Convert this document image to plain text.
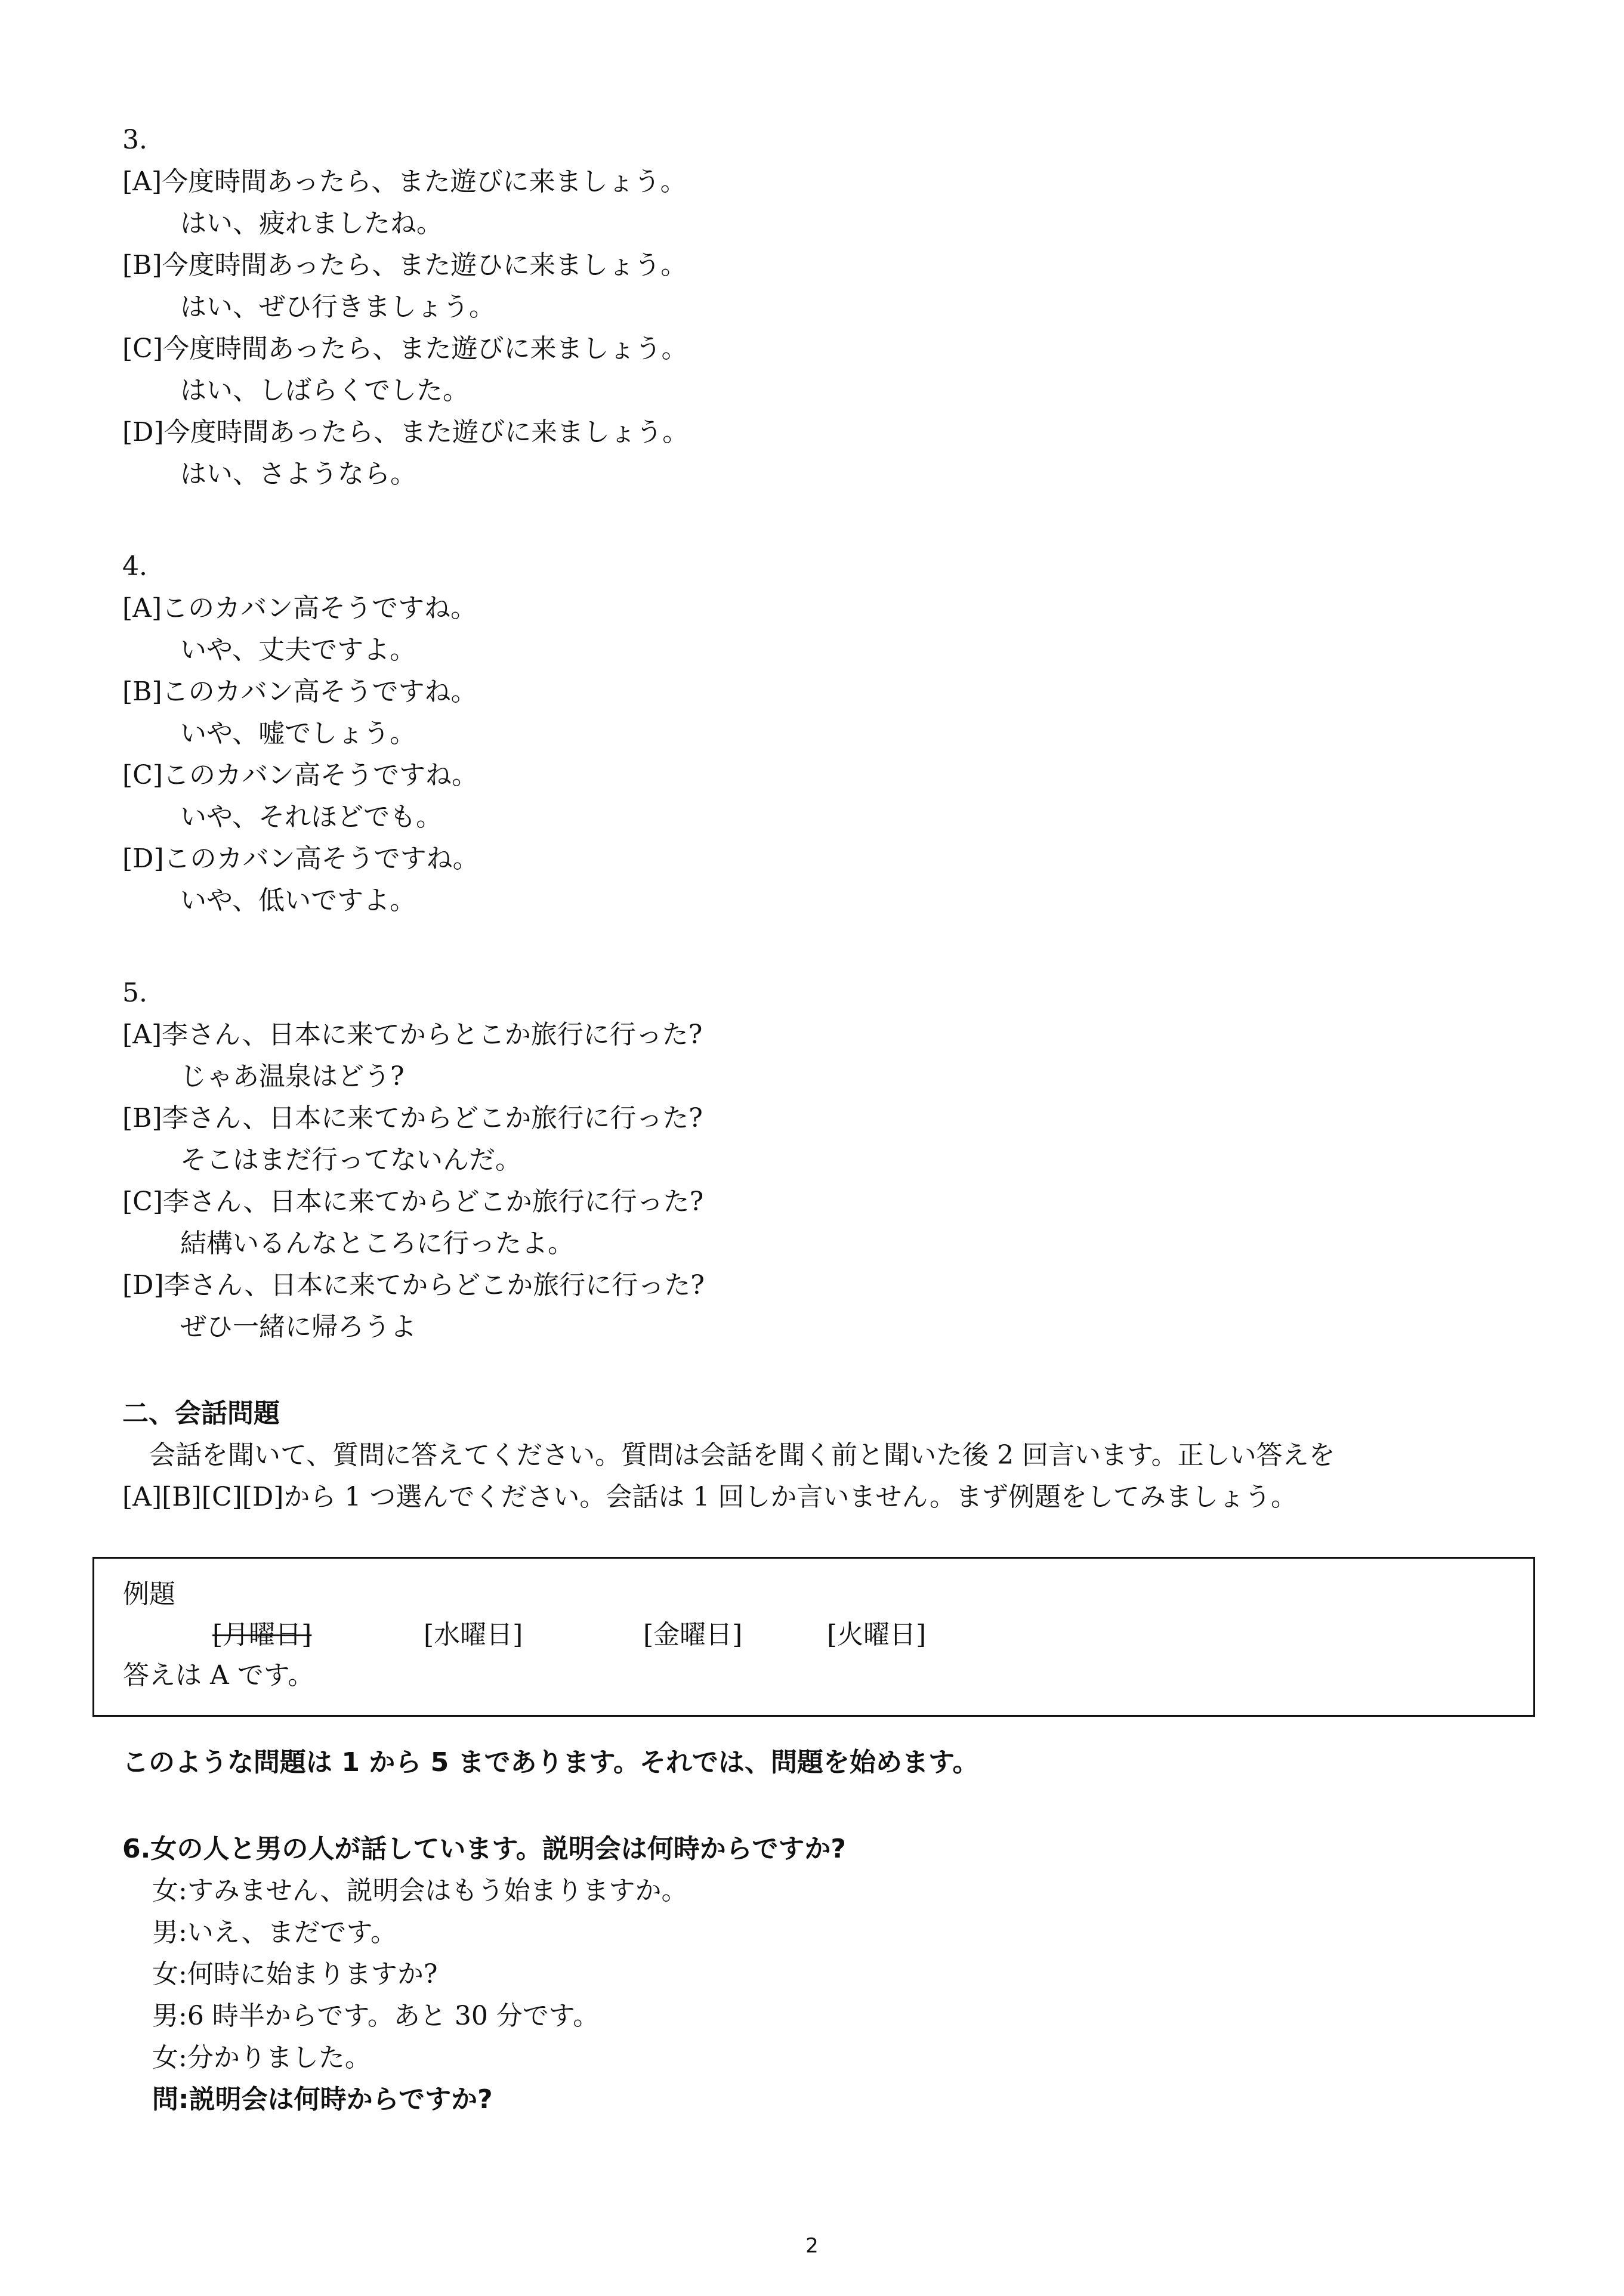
3.

[A]今度時間あったら、また遊びに来ましょう。

はい、疲れましたね。

[B]今度時間あったら、また遊ひに来ましょう。

はい、ぜひ行きましょう。

[C]今度時間あったら、また遊びに来ましょう。

はい、しばらくでした。

[D]今度時間あったら、また遊びに来ましょう。

はい、さようなら。

4.

[A]このカバン高そうですね。

いや、丈夫ですよ。

[B]このカバン高そうですね。

いや、嘘でしょう。

[C]このカバン高そうですね。

いや、それほどでも。

[D]このカバン高そうですね。

いや、低いですよ。

5.

[A]李さん、日本に来てからとこか旅行に行った?

じゃあ温泉はどう?

[B]李さん、日本に来てからどこか旅行に行った?

そこはまだ行ってないんだ。

[C]李さん、日本に来てからどこか旅行に行った?

結構いるんなところに行ったよ。

[D]李さん、日本に来てからどこか旅行に行った?

ぜひ一緒に帰ろうよ

二、会話問題

会話を聞いて、質問に答えてください。質問は会話を聞く前と聞いた後 2 回言います。正しい答えを

[A][B][C][D]から 1 つ選んでください。会話は 1 回しか言いません。まず例題をしてみましょう。

例題
[月曜日]	[水曜日]	[金曜日]	[火曜日]
答えは A です。

このような問題は 1 から 5 まであります。それでは、問題を始めます。

6.女の人と男の人が話しています。説明会は何時からですか?

女:すみません、説明会はもう始まりますか。

男:いえ、まだです。

女:何時に始まりますか?

男:6 時半からです。あと 30 分です。

女:分かりました。

問:説明会は何時からですか?

2
